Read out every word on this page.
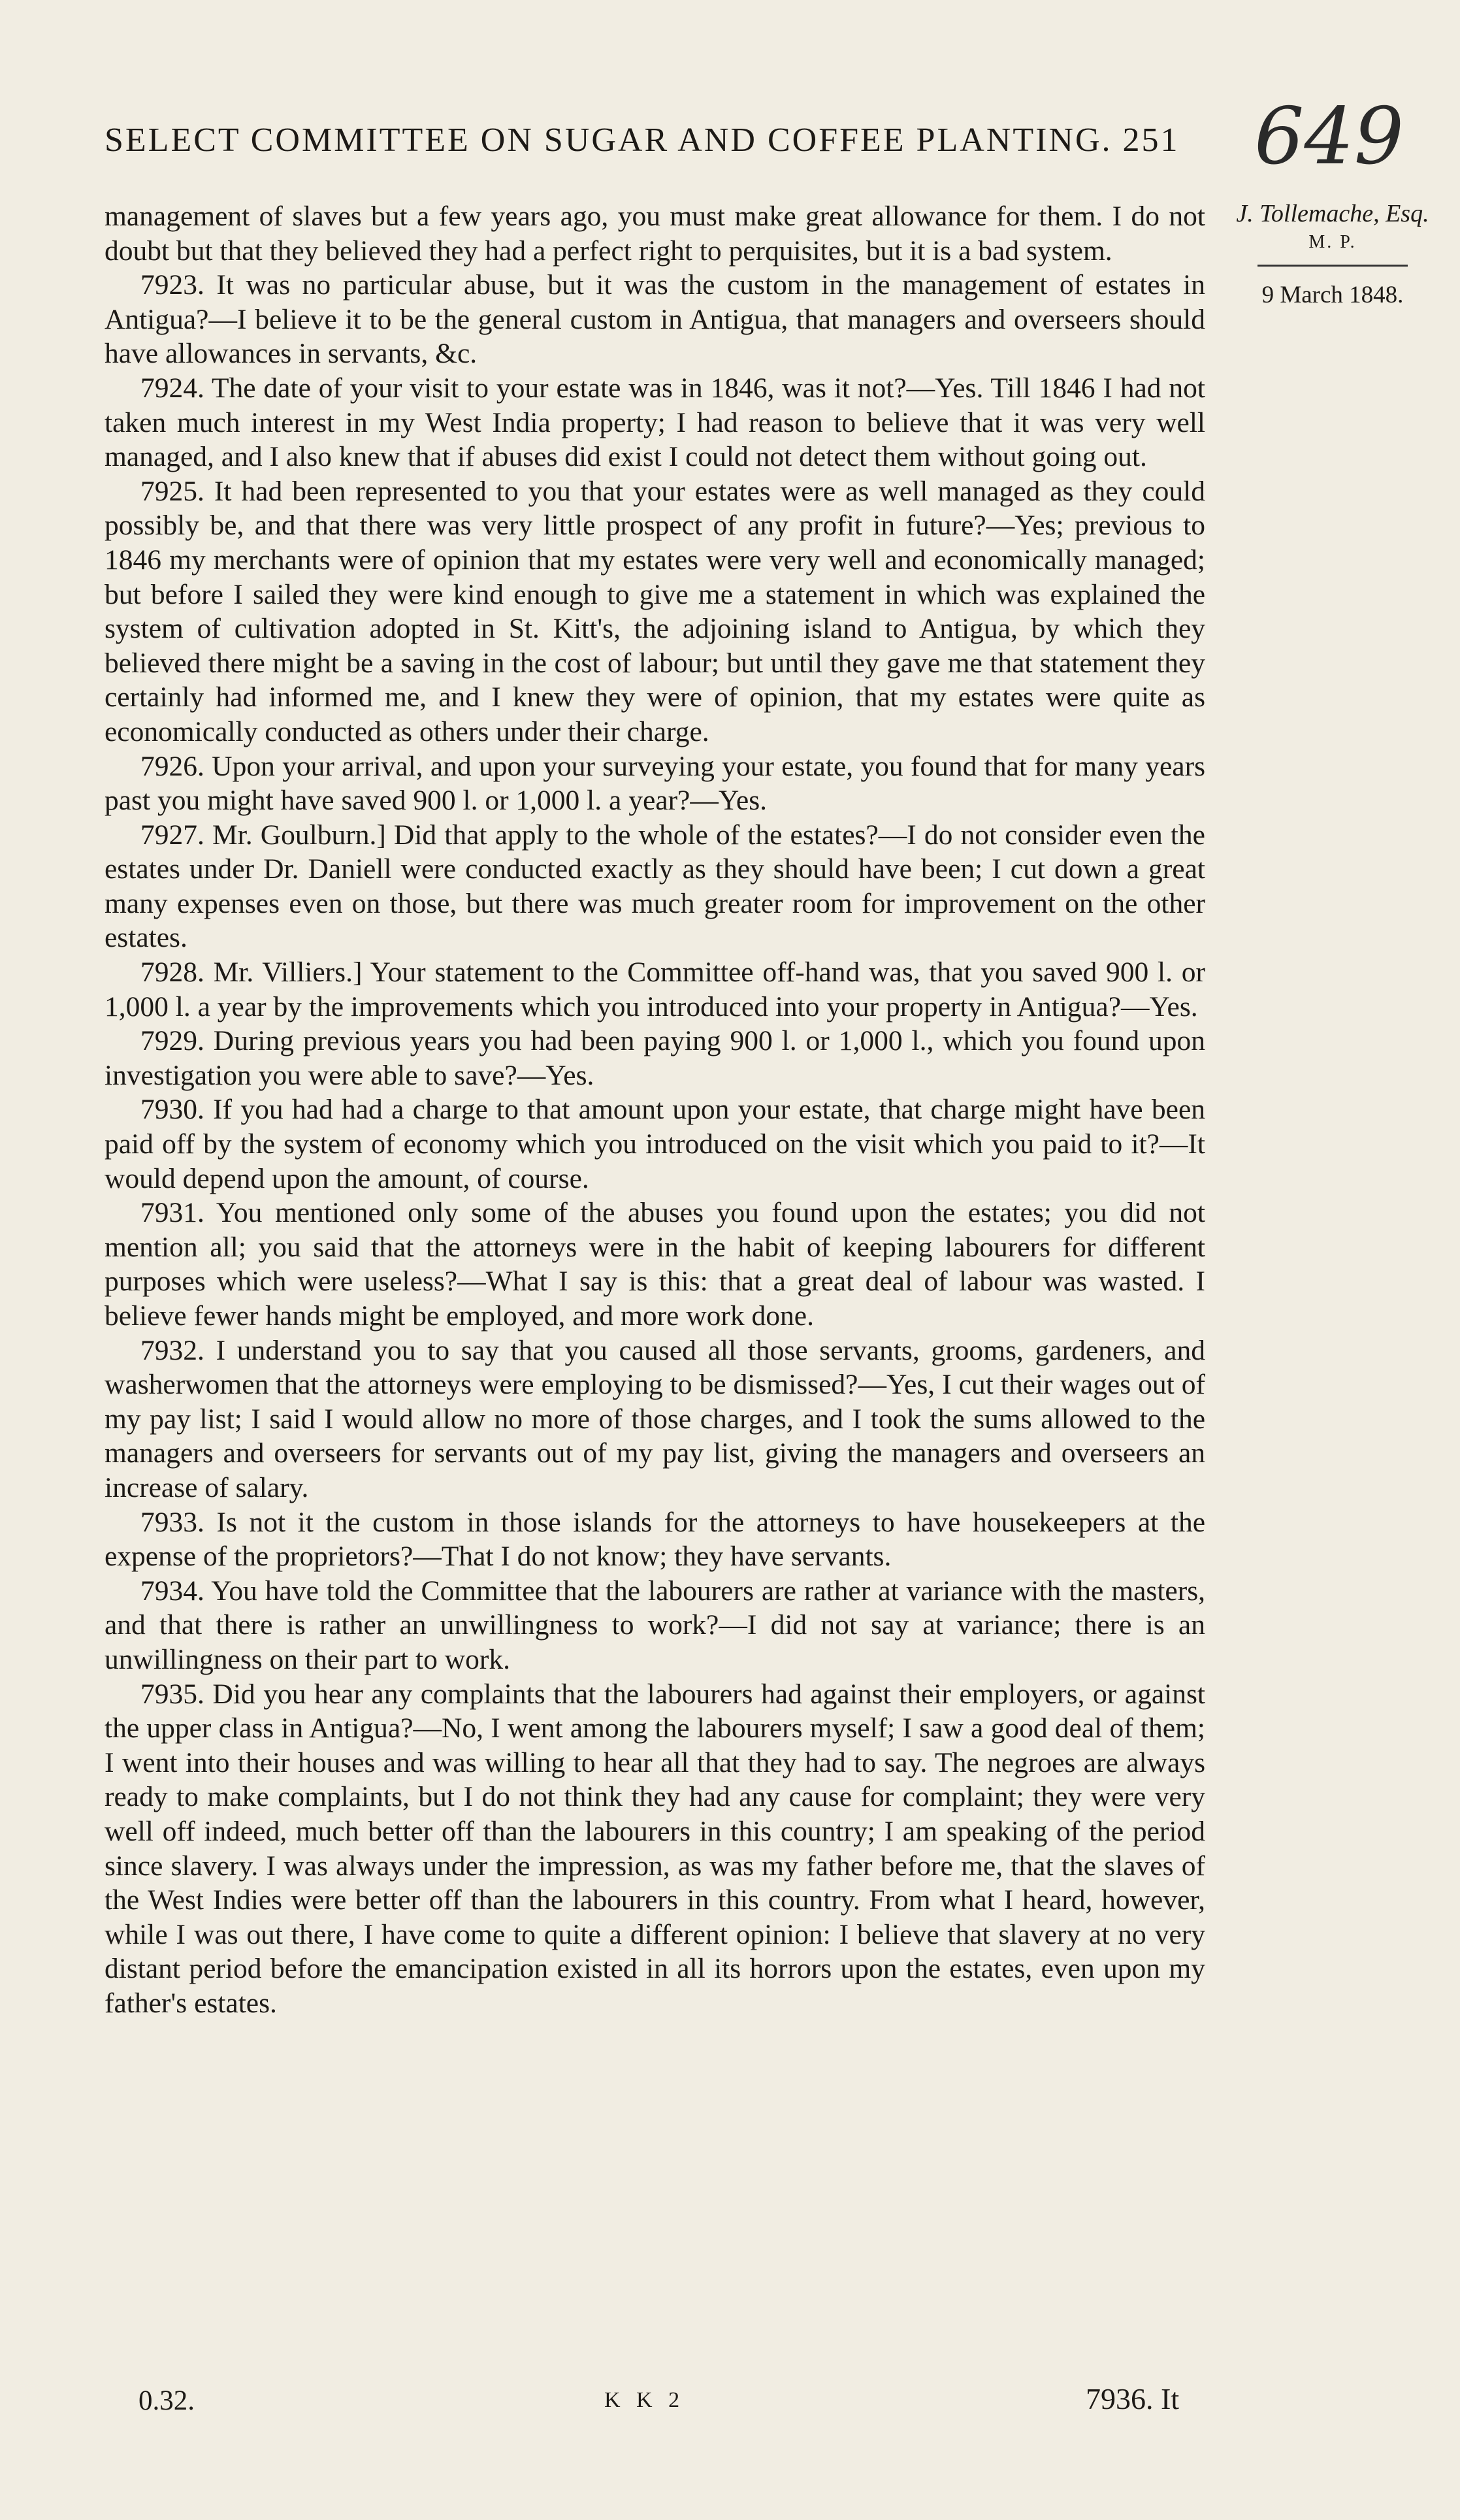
SELECT COMMITTEE ON SUGAR AND COFFEE PLANTING. 251 649
J. Tollemache, Esq.
M. P.
9 March 1848.

management of slaves but a few years ago, you must make great allowance for them. I do not doubt but that they believed they had a perfect right to perquisites, but it is a bad system.

7923. It was no particular abuse, but it was the custom in the management of estates in Antigua?—I believe it to be the general custom in Antigua, that managers and overseers should have allowances in servants, &c.

7924. The date of your visit to your estate was in 1846, was it not?—Yes. Till 1846 I had not taken much interest in my West India property; I had reason to believe that it was very well managed, and I also knew that if abuses did exist I could not detect them without going out.

7925. It had been represented to you that your estates were as well managed as they could possibly be, and that there was very little prospect of any profit in future?—Yes; previous to 1846 my merchants were of opinion that my estates were very well and economically managed; but before I sailed they were kind enough to give me a statement in which was explained the system of cultivation adopted in St. Kitt's, the adjoining island to Antigua, by which they believed there might be a saving in the cost of labour; but until they gave me that statement they certainly had informed me, and I knew they were of opinion, that my estates were quite as economically conducted as others under their charge.

7926. Upon your arrival, and upon your surveying your estate, you found that for many years past you might have saved 900 l. or 1,000 l. a year?—Yes.

7927. Mr. Goulburn.] Did that apply to the whole of the estates?—I do not consider even the estates under Dr. Daniell were conducted exactly as they should have been; I cut down a great many expenses even on those, but there was much greater room for improvement on the other estates.

7928. Mr. Villiers.] Your statement to the Committee off-hand was, that you saved 900 l. or 1,000 l. a year by the improvements which you introduced into your property in Antigua?—Yes.

7929. During previous years you had been paying 900 l. or 1,000 l., which you found upon investigation you were able to save?—Yes.

7930. If you had had a charge to that amount upon your estate, that charge might have been paid off by the system of economy which you introduced on the visit which you paid to it?—It would depend upon the amount, of course.

7931. You mentioned only some of the abuses you found upon the estates; you did not mention all; you said that the attorneys were in the habit of keeping labourers for different purposes which were useless?—What I say is this: that a great deal of labour was wasted. I believe fewer hands might be employed, and more work done.

7932. I understand you to say that you caused all those servants, grooms, gardeners, and washerwomen that the attorneys were employing to be dismissed?—Yes, I cut their wages out of my pay list; I said I would allow no more of those charges, and I took the sums allowed to the managers and overseers for servants out of my pay list, giving the managers and overseers an increase of salary.

7933. Is not it the custom in those islands for the attorneys to have housekeepers at the expense of the proprietors?—That I do not know; they have servants.

7934. You have told the Committee that the labourers are rather at variance with the masters, and that there is rather an unwillingness to work?—I did not say at variance; there is an unwillingness on their part to work.

7935. Did you hear any complaints that the labourers had against their employers, or against the upper class in Antigua?—No, I went among the labourers myself; I saw a good deal of them; I went into their houses and was willing to hear all that they had to say. The negroes are always ready to make complaints, but I do not think they had any cause for complaint; they were very well off indeed, much better off than the labourers in this country; I am speaking of the period since slavery. I was always under the impression, as was my father before me, that the slaves of the West Indies were better off than the labourers in this country. From what I heard, however, while I was out there, I have come to quite a different opinion: I believe that slavery at no very distant period before the emancipation existed in all its horrors upon the estates, even upon my father's estates.

0.32.	K K 2	7936. It
